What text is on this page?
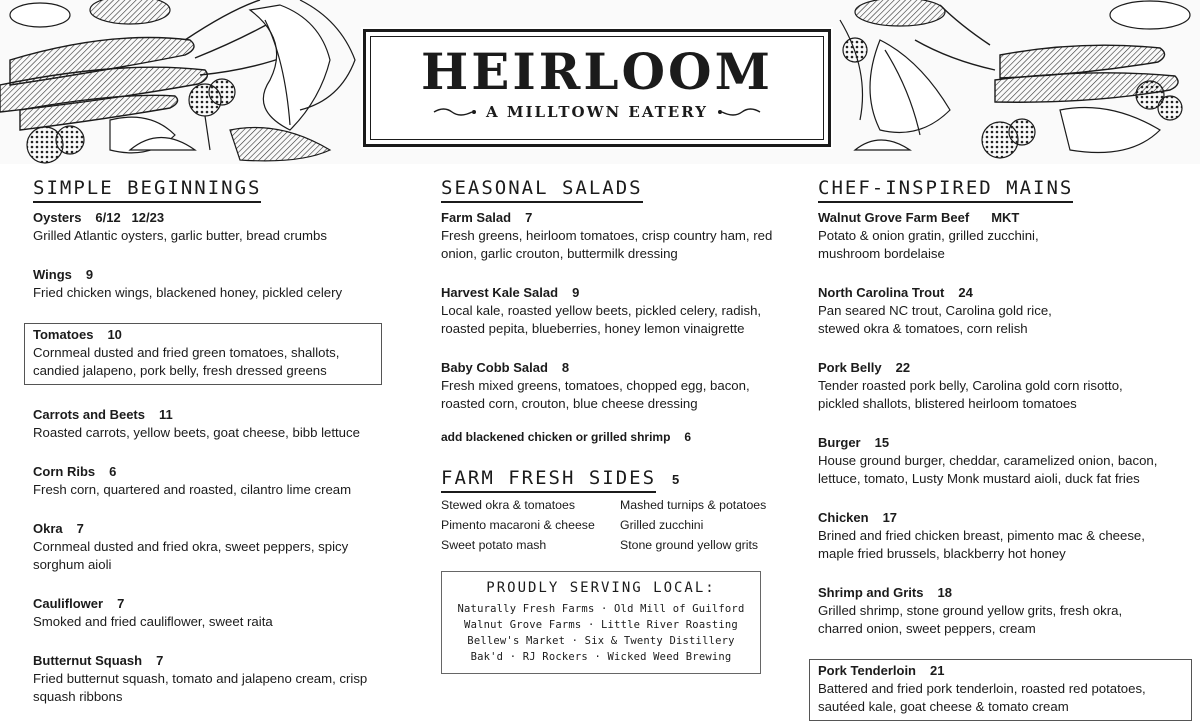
HEIRLOOM
A MILLTOWN EATERY
SIMPLE BEGINNINGS
Oysters 6/12   12/23
Grilled Atlantic oysters, garlic butter, bread crumbs
Wings 9
Fried chicken wings, blackened honey, pickled celery
Tomatoes 10
Cornmeal dusted and fried green tomatoes, shallots, candied jalapeno, pork belly, fresh dressed greens
Carrots and Beets 11
Roasted carrots, yellow beets, goat cheese, bibb lettuce
Corn Ribs 6
Fresh corn, quartered and roasted, cilantro lime cream
Okra 7
Cornmeal dusted and fried okra, sweet peppers, spicy sorghum aioli
Cauliflower 7
Smoked and fried cauliflower, sweet raita
Butternut Squash 7
Fried butternut squash, tomato and jalapeno cream, crisp squash ribbons
SEASONAL SALADS
Farm Salad 7
Fresh greens, heirloom tomatoes, crisp country ham, red onion, garlic crouton, buttermilk dressing
Harvest Kale Salad 9
Local kale, roasted yellow beets, pickled celery, radish, roasted pepita, blueberries, honey lemon vinaigrette
Baby Cobb Salad 8
Fresh mixed greens, tomatoes, chopped egg, bacon, roasted corn, crouton, blue cheese dressing
add blackened chicken or grilled shrimp 6
FARM FRESH SIDES 5
Stewed okra & tomatoes	Mashed turnips & potatoes
Pimento macaroni & cheese	Grilled zucchini
Sweet potato mash	Stone ground yellow grits
PROUDLY SERVING LOCAL:
Naturally Fresh Farms · Old Mill of Guilford
Walnut Grove Farms · Little River Roasting
Bellew's Market · Six & Twenty Distillery
Bak'd · RJ Rockers · Wicked Weed Brewing
CHEF-INSPIRED MAINS
Walnut Grove Farm Beef MKT
Potato & onion gratin, grilled zucchini, mushroom bordelaise
North Carolina Trout 24
Pan seared NC trout, Carolina gold rice, stewed okra & tomatoes, corn relish
Pork Belly 22
Tender roasted pork belly, Carolina gold corn risotto, pickled shallots, blistered heirloom tomatoes
Burger 15
House ground burger, cheddar, caramelized onion, bacon, lettuce, tomato, Lusty Monk mustard aioli, duck fat fries
Chicken 17
Brined and fried chicken breast, pimento mac & cheese, maple fried brussels, blackberry hot honey
Shrimp and Grits 18
Grilled shrimp, stone ground yellow grits, fresh okra, charred onion, sweet peppers, cream
Pork Tenderloin 21
Battered and fried pork tenderloin, roasted red potatoes, sautéed kale, goat cheese & tomato cream
